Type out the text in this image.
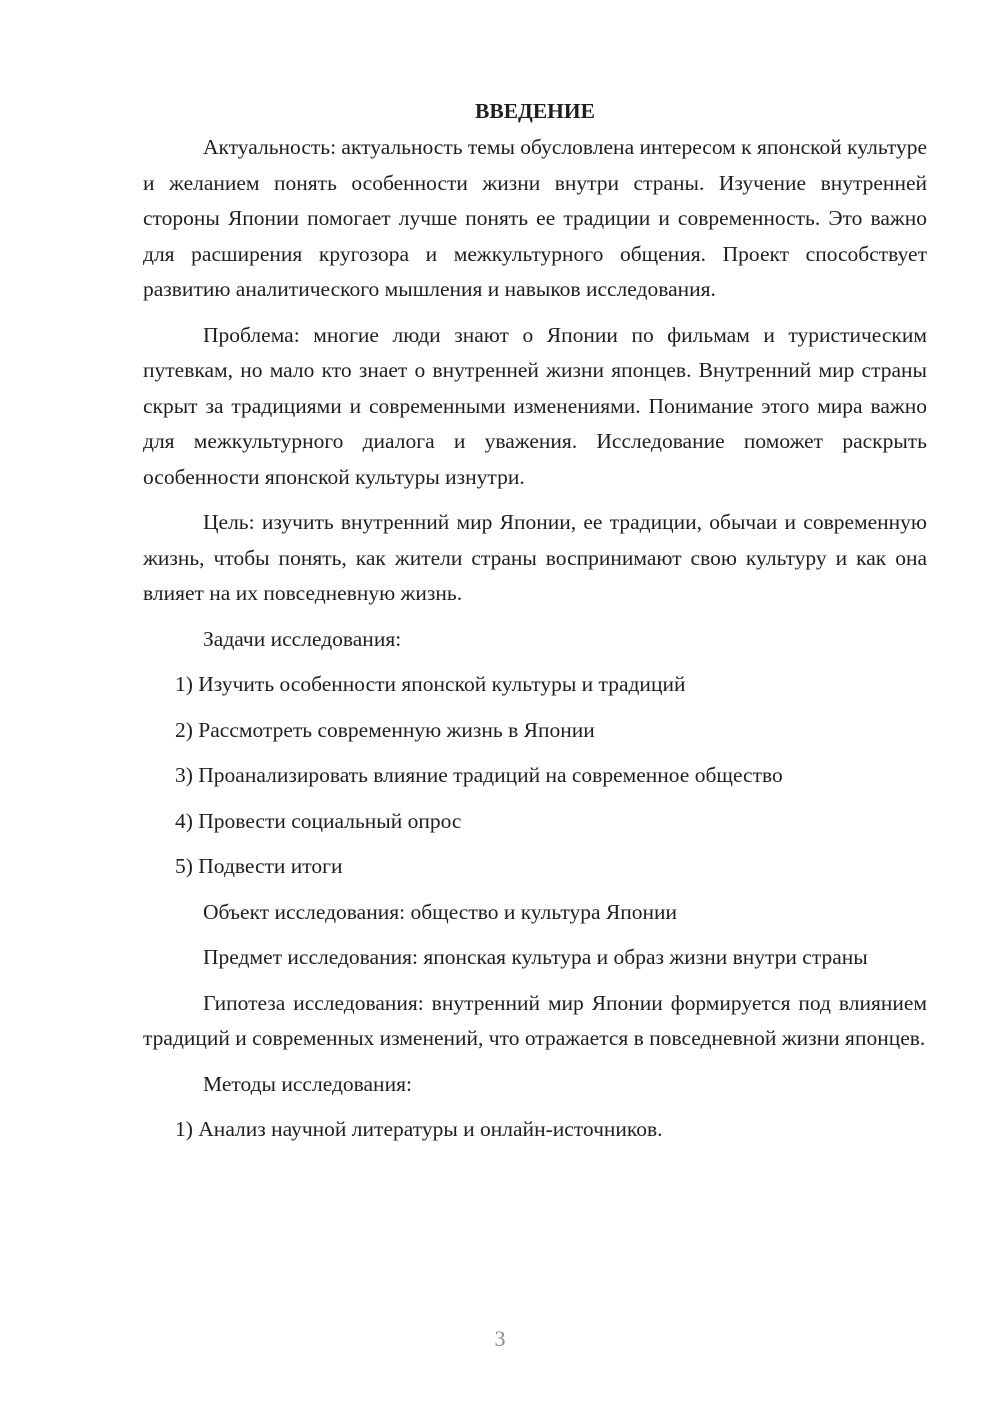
ВВЕДЕНИЕ

Актуальность: актуальность темы обусловлена интересом к японской культуре и желанием понять особенности жизни внутри страны. Изучение внутренней стороны Японии помогает лучше понять ее традиции и современность. Это важно для расширения кругозора и межкультурного общения. Проект способствует развитию аналитического мышления и навыков исследования.

Проблема: многие люди знают о Японии по фильмам и туристическим путевкам, но мало кто знает о внутренней жизни японцев. Внутренний мир страны скрыт за традициями и современными изменениями. Понимание этого мира важно для межкультурного диалога и уважения. Исследование поможет раскрыть особенности японской культуры изнутри.

Цель: изучить внутренний мир Японии, ее традиции, обычаи и современную жизнь, чтобы понять, как жители страны воспринимают свою культуру и как она влияет на их повседневную жизнь.

Задачи исследования:

1) Изучить особенности японской культуры и традиций
2) Рассмотреть современную жизнь в Японии
3) Проанализировать влияние традиций на современное общество
4) Провести социальный опрос
5) Подвести итоги

Объект исследования: общество и культура Японии

Предмет исследования: японская культура и образ жизни внутри страны

Гипотеза исследования: внутренний мир Японии формируется под влиянием традиций и современных изменений, что отражается в повседневной жизни японцев.

Методы исследования:

1) Анализ научной литературы и онлайн-источников.
3
